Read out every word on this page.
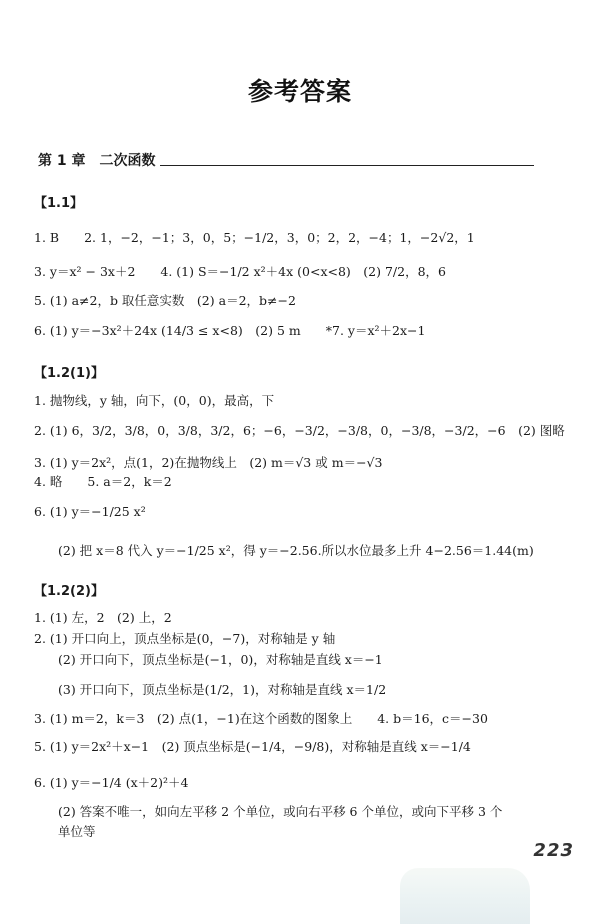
参考答案
第 1 章　二次函数
【1.1】
1. B　　2. 1，−2，−1；3，0，5；−1/2，3，0；2，2，−4；1，−2√2，1
3. y＝x² − 3x＋2　　4. (1) S＝−1/2 x²＋4x (0<x<8)　(2) 7/2，8，6
5. (1) a≠2，b 取任意实数　(2) a＝2，b≠−2
6. (1) y＝−3x²＋24x (14/3 ≤ x<8)　(2) 5 m　　*7. y＝x²＋2x−1
【1.2(1)】
1. 抛物线，y 轴，向下，(0，0)，最高，下
2. (1) 6，3/2，3/8，0，3/8，3/2，6；−6，−3/2，−3/8，0，−3/8，−3/2，−6　(2) 图略
3. (1) y＝2x²，点(1，2)在抛物线上　(2) m＝√3 或 m＝−√3
4. 略　　5. a＝2，k＝2
6. (1) y＝−1/25 x²
(2) 把 x＝8 代入 y＝−1/25 x²，得 y＝−2.56.所以水位最多上升 4−2.56＝1.44(m)
【1.2(2)】
1. (1) 左，2　(2) 上，2
2. (1) 开口向上，顶点坐标是(0，−7)，对称轴是 y 轴
(2) 开口向下，顶点坐标是(−1，0)，对称轴是直线 x＝−1
(3) 开口向下，顶点坐标是(1/2，1)，对称轴是直线 x＝1/2
3. (1) m＝2，k＝3　(2) 点(1，−1)在这个函数的图象上　　4. b＝16，c＝−30
5. (1) y＝2x²＋x−1　(2) 顶点坐标是(−1/4，−9/8)，对称轴是直线 x＝−1/4
6. (1) y＝−1/4 (x＋2)²＋4
(2) 答案不唯一，如向左平移 2 个单位，或向右平移 6 个单位，或向下平移 3 个
单位等
223
